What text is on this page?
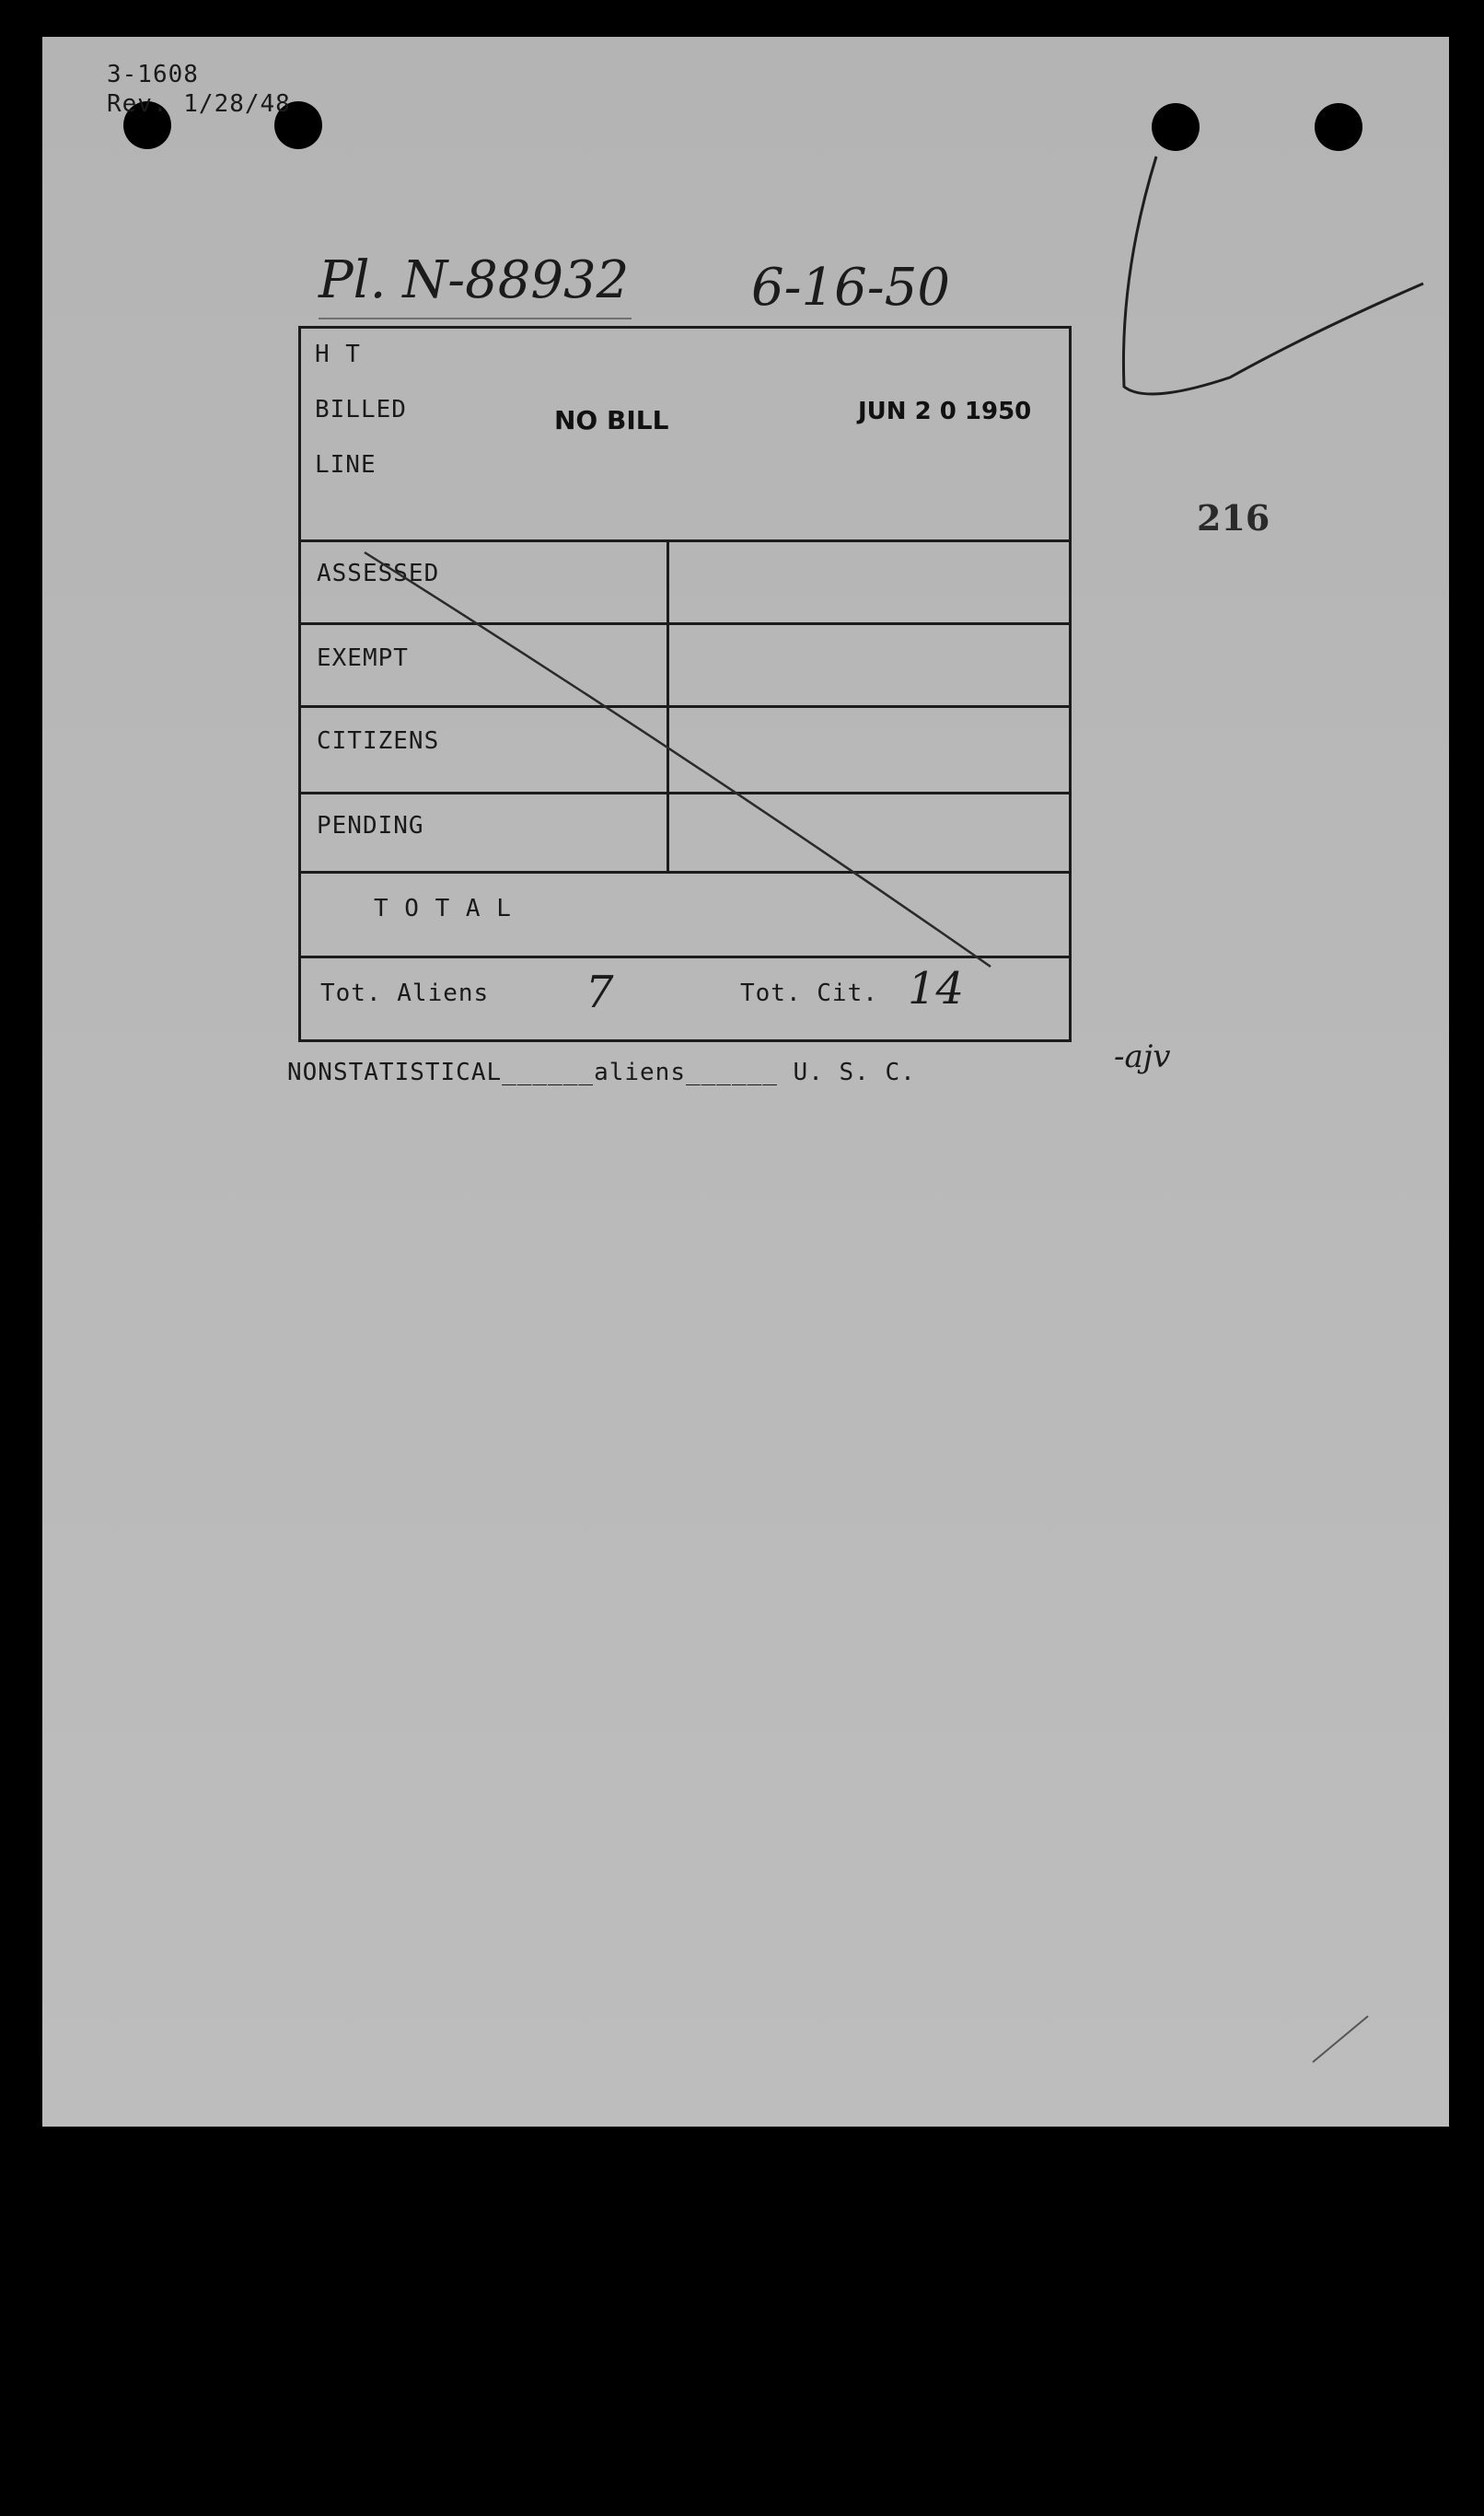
3-1608
Rev. 1/28/48
Pl. N-88932 6-16-50
H T
BILLED
LINE
NO BILL	JUN 2 0 1950
ASSESSED
EXEMPT
CITIZENS
PENDING
T O T A L
Tot. Aliens 7	Tot. Cit. 14
NONSTATISTICAL______aliens______ U. S. C.
216
-ajv
